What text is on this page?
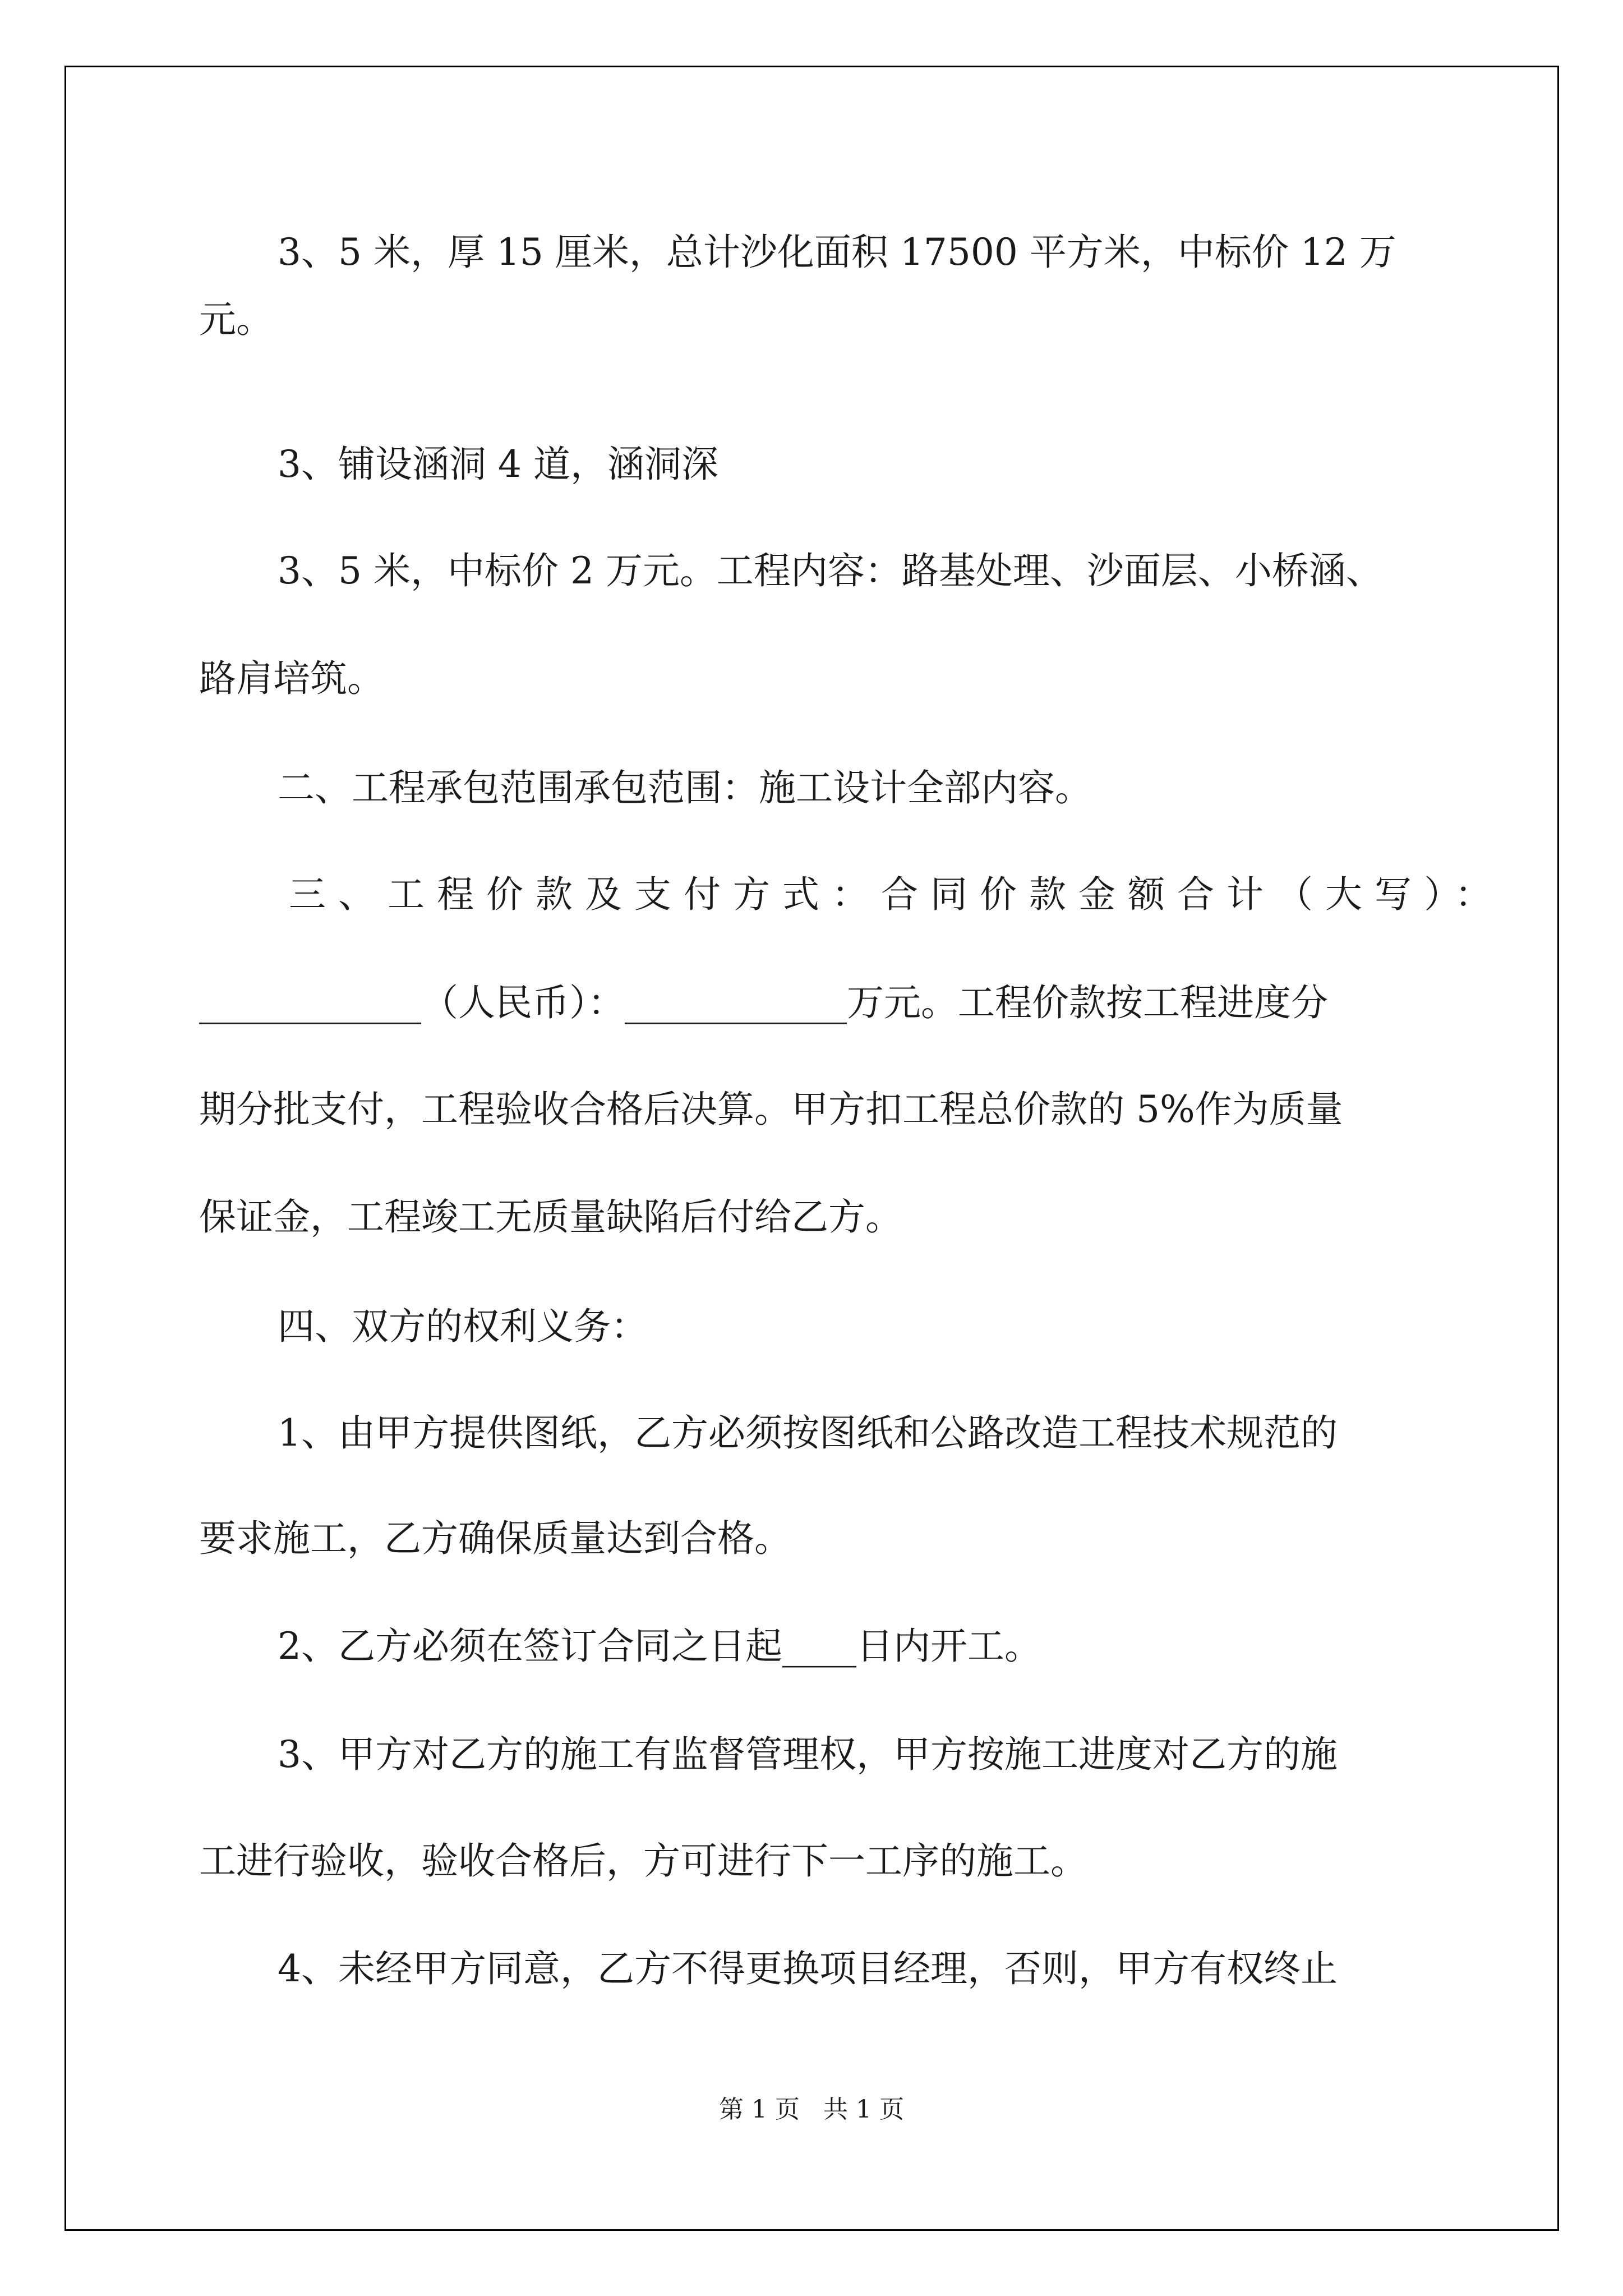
3、5 米，厚 15 厘米，总计沙化面积 17500 平方米，中标价 12 万

元。

3、铺设涵洞 4 道，涵洞深

3、5 米，中标价 2 万元。工程内容：路基处理、沙面层、小桥涵、

路肩培筑。

二、工程承包范围承包范围：施工设计全部内容。

三、工程价款及支付方式：合同价款金额合计（大写）：

____________（人民币）：____________万元。工程价款按工程进度分

期分批支付，工程验收合格后决算。甲方扣工程总价款的 5%作为质量

保证金，工程竣工无质量缺陷后付给乙方。

四、双方的权利义务：

1、由甲方提供图纸，乙方必须按图纸和公路改造工程技术规范的

要求施工，乙方确保质量达到合格。

2、乙方必须在签订合同之日起____日内开工。

3、甲方对乙方的施工有监督管理权，甲方按施工进度对乙方的施

工进行验收，验收合格后，方可进行下一工序的施工。

4、未经甲方同意，乙方不得更换项目经理，否则，甲方有权终止

第 1 页 共 1 页
